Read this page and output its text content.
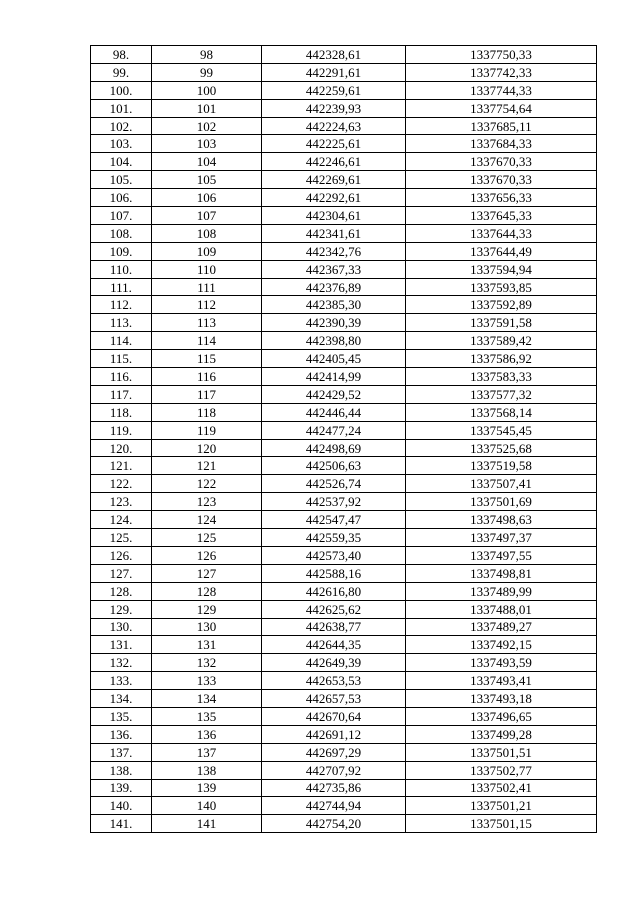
98.	98	442328,61	1337750,33
99.	99	442291,61	1337742,33
100.	100	442259,61	1337744,33
101.	101	442239,93	1337754,64
102.	102	442224,63	1337685,11
103.	103	442225,61	1337684,33
104.	104	442246,61	1337670,33
105.	105	442269,61	1337670,33
106.	106	442292,61	1337656,33
107.	107	442304,61	1337645,33
108.	108	442341,61	1337644,33
109.	109	442342,76	1337644,49
110.	110	442367,33	1337594,94
111.	111	442376,89	1337593,85
112.	112	442385,30	1337592,89
113.	113	442390,39	1337591,58
114.	114	442398,80	1337589,42
115.	115	442405,45	1337586,92
116.	116	442414,99	1337583,33
117.	117	442429,52	1337577,32
118.	118	442446,44	1337568,14
119.	119	442477,24	1337545,45
120.	120	442498,69	1337525,68
121.	121	442506,63	1337519,58
122.	122	442526,74	1337507,41
123.	123	442537,92	1337501,69
124.	124	442547,47	1337498,63
125.	125	442559,35	1337497,37
126.	126	442573,40	1337497,55
127.	127	442588,16	1337498,81
128.	128	442616,80	1337489,99
129.	129	442625,62	1337488,01
130.	130	442638,77	1337489,27
131.	131	442644,35	1337492,15
132.	132	442649,39	1337493,59
133.	133	442653,53	1337493,41
134.	134	442657,53	1337493,18
135.	135	442670,64	1337496,65
136.	136	442691,12	1337499,28
137.	137	442697,29	1337501,51
138.	138	442707,92	1337502,77
139.	139	442735,86	1337502,41
140.	140	442744,94	1337501,21
141.	141	442754,20	1337501,15
